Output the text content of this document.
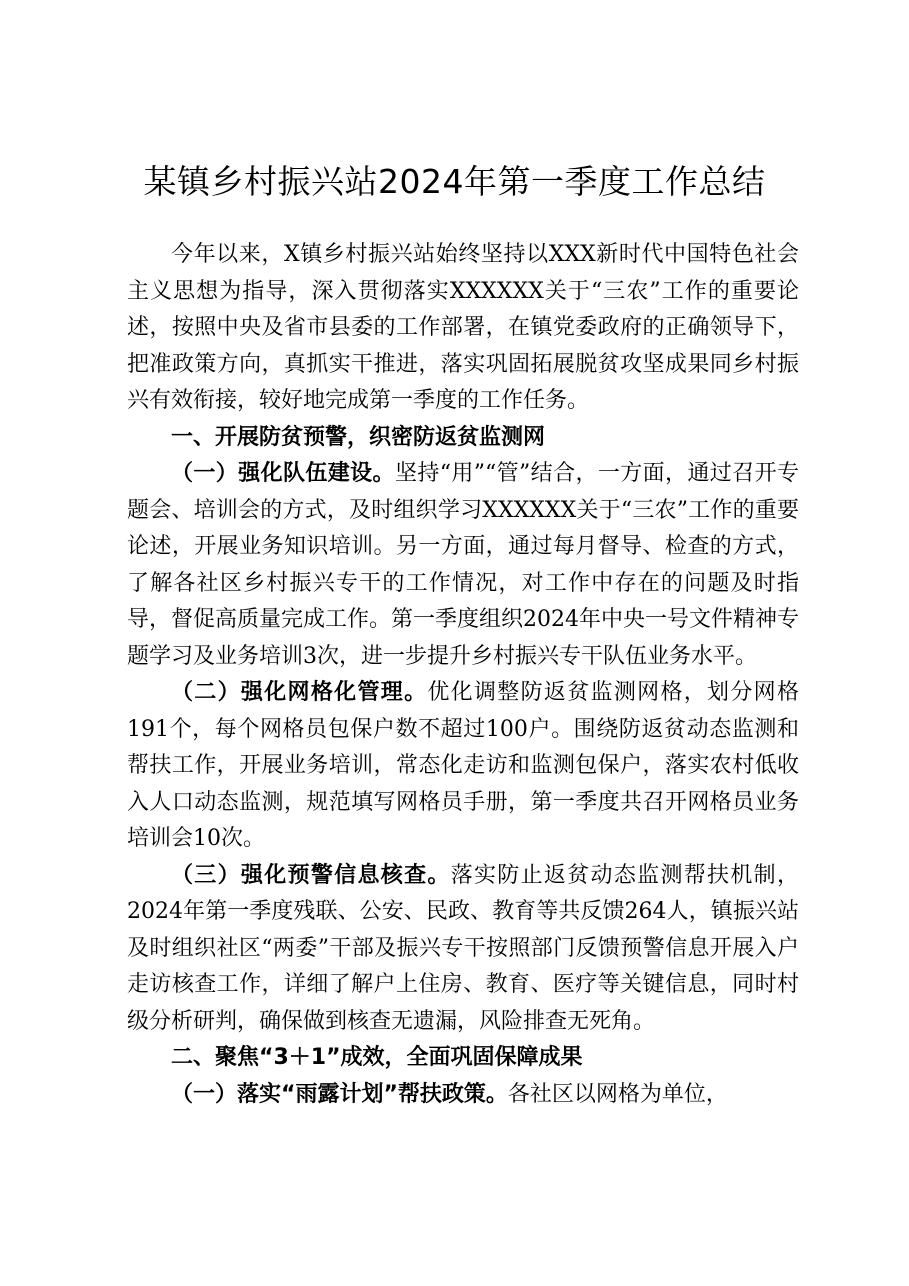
某镇乡村振兴站2024年第一季度工作总结

今年以来，X镇乡村振兴站始终坚持以XXX新时代中国特色社会主义思想为指导，深入贯彻落实XXXXXX关于“三农”工作的重要论述，按照中央及省市县委的工作部署，在镇党委政府的正确领导下，把准政策方向，真抓实干推进，落实巩固拓展脱贫攻坚成果同乡村振兴有效衔接，较好地完成第一季度的工作任务。

一、开展防贫预警，织密防返贫监测网

（一）强化队伍建设。坚持“用”“管”结合，一方面，通过召开专题会、培训会的方式，及时组织学习XXXXXX关于“三农”工作的重要论述，开展业务知识培训。另一方面，通过每月督导、检查的方式，了解各社区乡村振兴专干的工作情况，对工作中存在的问题及时指导，督促高质量完成工作。第一季度组织2024年中央一号文件精神专题学习及业务培训3次，进一步提升乡村振兴专干队伍业务水平。

（二）强化网格化管理。优化调整防返贫监测网格，划分网格191个，每个网格员包保户数不超过100户。围绕防返贫动态监测和帮扶工作，开展业务培训，常态化走访和监测包保户，落实农村低收入人口动态监测，规范填写网格员手册，第一季度共召开网格员业务培训会10次。

（三）强化预警信息核查。落实防止返贫动态监测帮扶机制，2024年第一季度残联、公安、民政、教育等共反馈264人，镇振兴站及时组织社区“两委”干部及振兴专干按照部门反馈预警信息开展入户走访核查工作，详细了解户上住房、教育、医疗等关键信息，同时村级分析研判，确保做到核查无遗漏，风险排查无死角。

二、聚焦“3＋1”成效，全面巩固保障成果

（一）落实“雨露计划”帮扶政策。各社区以网格为单位，
